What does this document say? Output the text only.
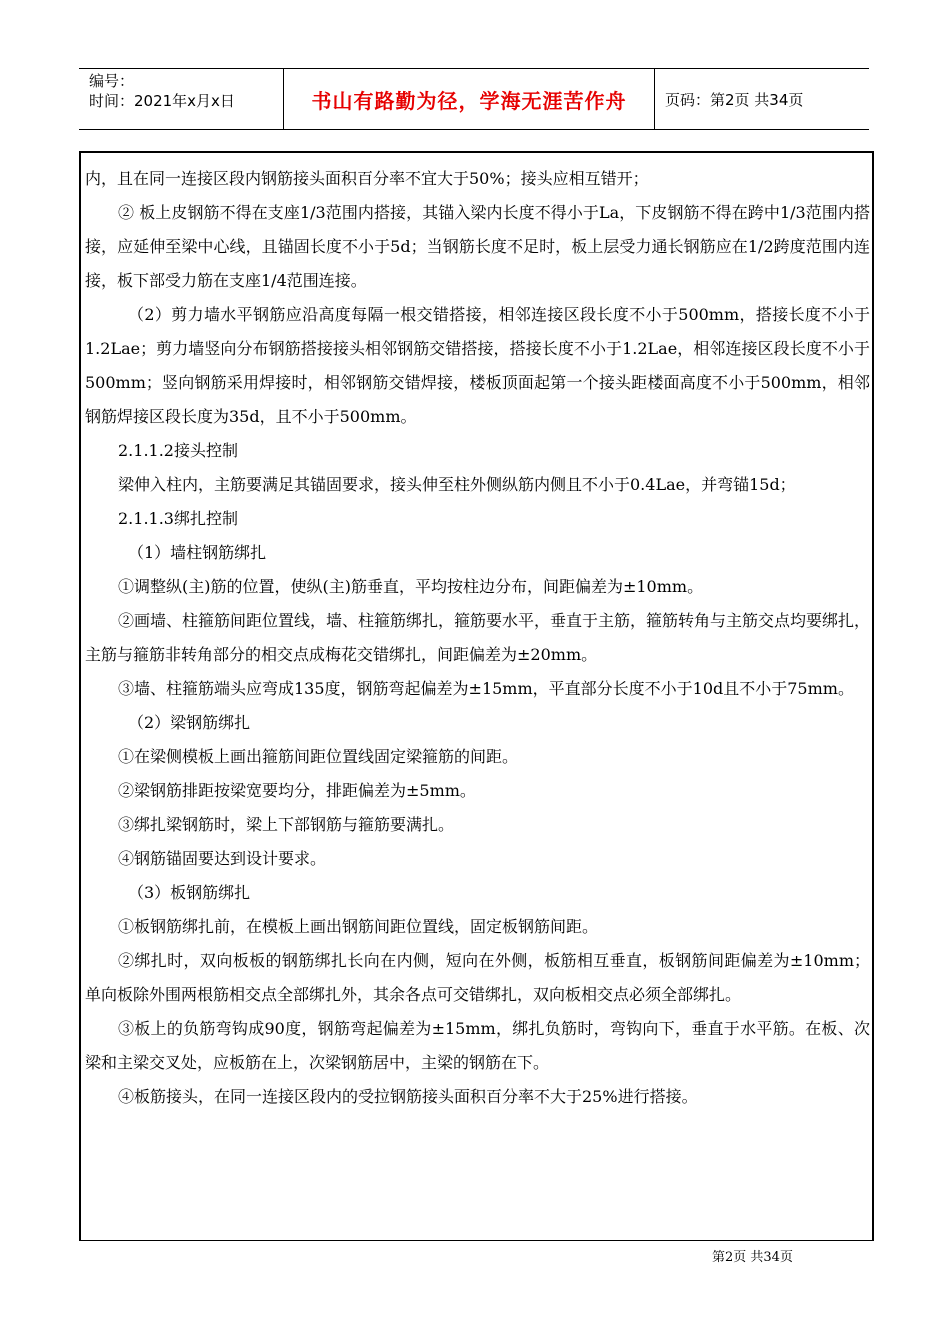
编号：
时间：2021年x月x日	书山有路勤为径，学海无涯苦作舟	页码：第2页 共34页

内，且在同一连接区段内钢筋接头面积百分率不宜大于50%；接头应相互错开；

② 板上皮钢筋不得在支座1/3范围内搭接，其锚入梁内长度不得小于La，下皮钢筋不得在跨中1/3范围内搭接，应延伸至梁中心线，且锚固长度不小于5d；当钢筋长度不足时，板上层受力通长钢筋应在1/2跨度范围内连接，板下部受力筋在支座1/4范围连接。

（2）剪力墙水平钢筋应沿高度每隔一根交错搭接，相邻连接区段长度不小于500mm，搭接长度不小于1.2Lae；剪力墙竖向分布钢筋搭接接头相邻钢筋交错搭接，搭接长度不小于1.2Lae，相邻连接区段长度不小于500mm；竖向钢筋采用焊接时，相邻钢筋交错焊接，楼板顶面起第一个接头距楼面高度不小于500mm，相邻钢筋焊接区段长度为35d，且不小于500mm。

2.1.1.2接头控制

梁伸入柱内，主筋要满足其锚固要求，接头伸至柱外侧纵筋内侧且不小于0.4Lae，并弯锚15d；

2.1.1.3绑扎控制

（1）墙柱钢筋绑扎

①调整纵(主)筋的位置，使纵(主)筋垂直，平均按柱边分布，间距偏差为±10mm。

②画墙、柱箍筋间距位置线，墙、柱箍筋绑扎，箍筋要水平，垂直于主筋，箍筋转角与主筋交点均要绑扎，主筋与箍筋非转角部分的相交点成梅花交错绑扎，间距偏差为±20mm。

③墙、柱箍筋端头应弯成135度，钢筋弯起偏差为±15mm，平直部分长度不小于10d且不小于75mm。

（2）梁钢筋绑扎

①在梁侧模板上画出箍筋间距位置线固定梁箍筋的间距。

②梁钢筋排距按梁宽要均分，排距偏差为±5mm。

③绑扎梁钢筋时，梁上下部钢筋与箍筋要满扎。

④钢筋锚固要达到设计要求。

（3）板钢筋绑扎

①板钢筋绑扎前，在模板上画出钢筋间距位置线，固定板钢筋间距。

②绑扎时，双向板板的钢筋绑扎长向在内侧，短向在外侧，板筋相互垂直，板钢筋间距偏差为±10mm；单向板除外围两根筋相交点全部绑扎外，其余各点可交错绑扎，双向板相交点必须全部绑扎。

③板上的负筋弯钩成90度，钢筋弯起偏差为±15mm，绑扎负筋时，弯钩向下，垂直于水平筋。在板、次梁和主梁交叉处，应板筋在上，次梁钢筋居中，主梁的钢筋在下。

④板筋接头，在同一连接区段内的受拉钢筋接头面积百分率不大于25%进行搭接。

第2页 共34页
